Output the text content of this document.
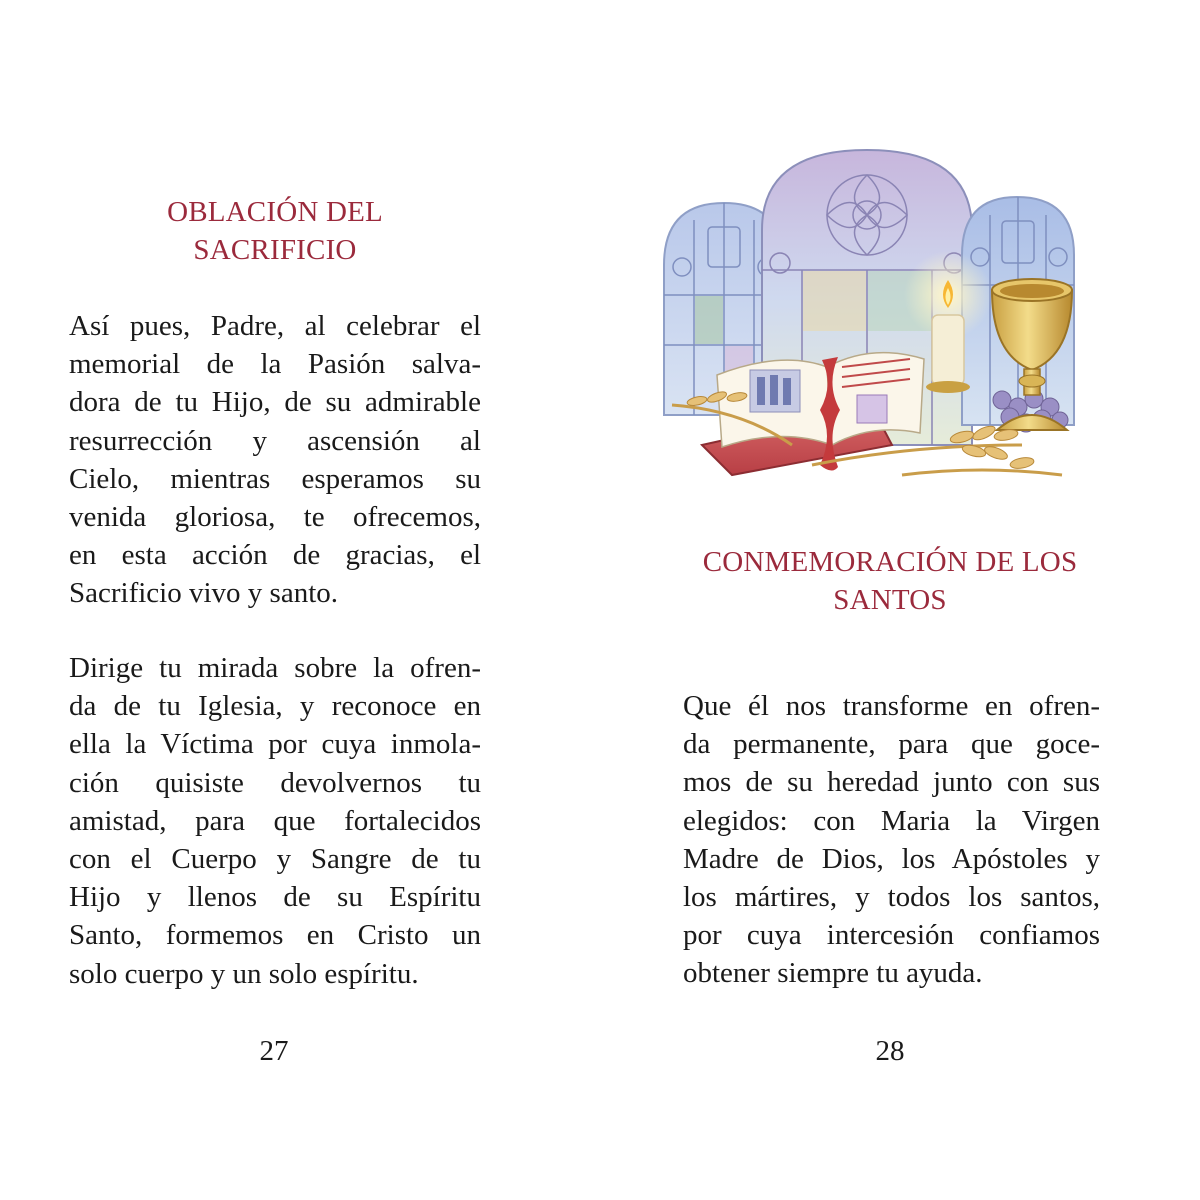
OBLACIÓN DEL
SACRIFICIO
Así pues, Padre, al celebrar el
memorial de la Pasión salva-
dora de tu Hijo, de su admirable
resurrección y ascensión al
Cielo, mientras esperamos su
venida gloriosa, te ofrecemos,
en esta acción de gracias, el
Sacrificio vivo y santo.
Dirige tu mirada sobre la ofren-
da de tu Iglesia, y reconoce en
ella la Víctima por cuya inmola-
ción quisiste devolvernos tu
amistad, para que fortalecidos
con el Cuerpo y Sangre de tu
Hijo y llenos de su Espíritu
Santo, formemos en Cristo un
solo cuerpo y un solo espíritu.
27
CONMEMORACIÓN DE LOS
SANTOS
Que él nos transforme en ofren-
da permanente, para que goce-
mos de su heredad junto con sus
elegidos: con Maria la Virgen
Madre de Dios, los Apóstoles y
los mártires, y todos los santos,
por cuya intercesión confiamos
obtener siempre tu ayuda.
28
